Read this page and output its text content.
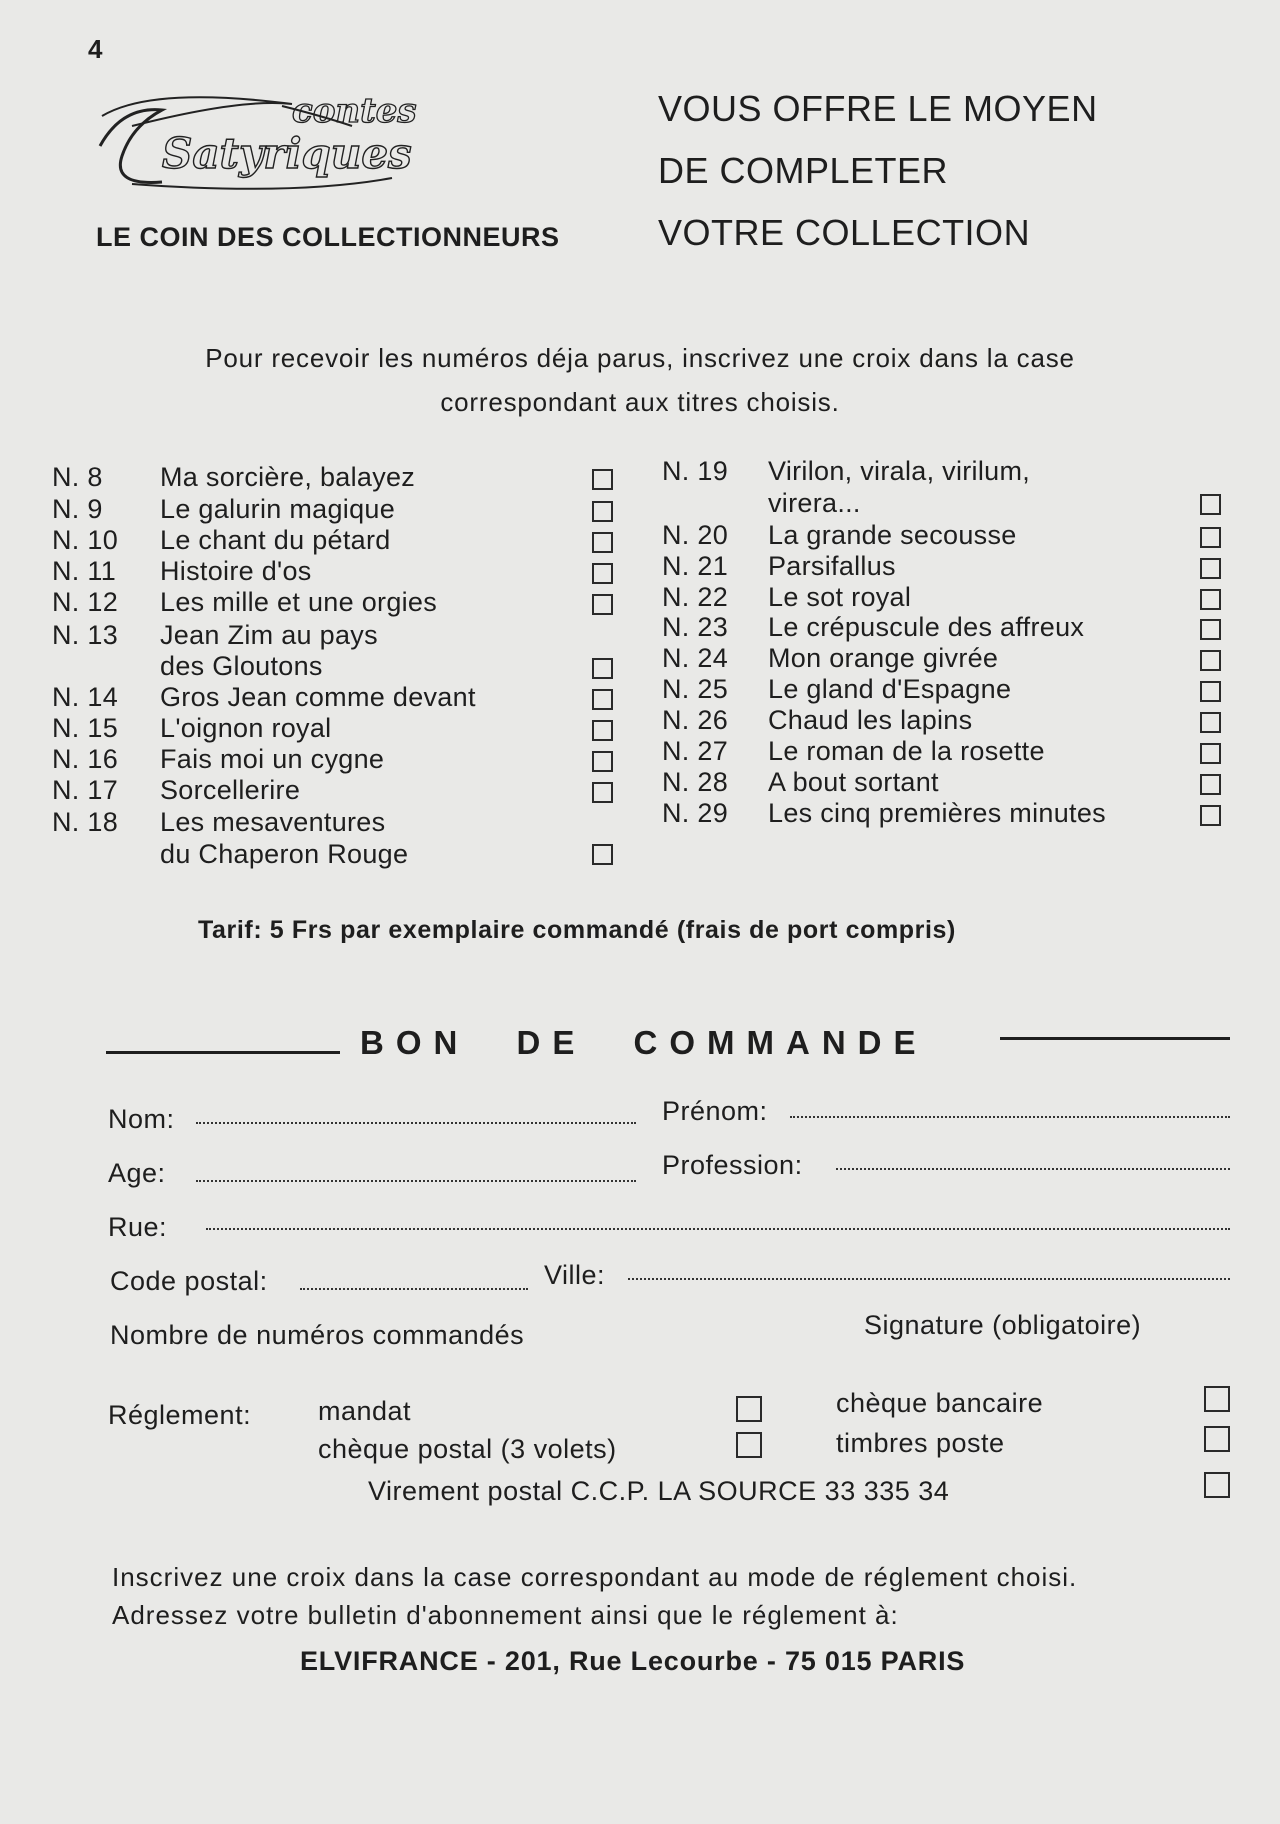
4
contes
Satyriques
LE COIN DES COLLECTIONNEURS
VOUS OFFRE LE MOYEN
DE COMPLETER
VOTRE COLLECTION
Pour recevoir les numéros déja parus, inscrivez une croix dans la case
correspondant aux titres choisis.
N. 8	Ma sorcière, balayez
N. 9	Le galurin magique
N. 10	Le chant du pétard
N. 11	Histoire d'os
N. 12	Les mille et une orgies
N. 13	Jean Zim au pays
des Gloutons
N. 14	Gros Jean comme devant
N. 15	L'oignon royal
N. 16	Fais moi un cygne
N. 17	Sorcellerire
N. 18	Les mesaventures
du Chaperon Rouge
N. 19	Virilon, virala, virilum,
virera...
N. 20	La grande secousse
N. 21	Parsifallus
N. 22	Le sot royal
N. 23	Le crépuscule des affreux
N. 24	Mon orange givrée
N. 25	Le gland d'Espagne
N. 26	Chaud les lapins
N. 27	Le roman de la rosette
N. 28	A bout sortant
N. 29	Les cinq premières minutes
Tarif: 5 Frs par exemplaire commandé (frais de port compris)
BON DE COMMANDE
Nom:	Prénom:
Age:	Profession:
Rue:
Code postal:	Ville:
Nombre de numéros commandés	Signature (obligatoire)
Réglement: mandat
chèque postal (3 volets)
chèque bancaire
timbres poste
Virement postal C.C.P. LA SOURCE 33 335 34
Inscrivez une croix dans la case correspondant au mode de réglement choisi.
Adressez votre bulletin d'abonnement ainsi que le réglement à:
ELVIFRANCE - 201, Rue Lecourbe - 75 015 PARIS
